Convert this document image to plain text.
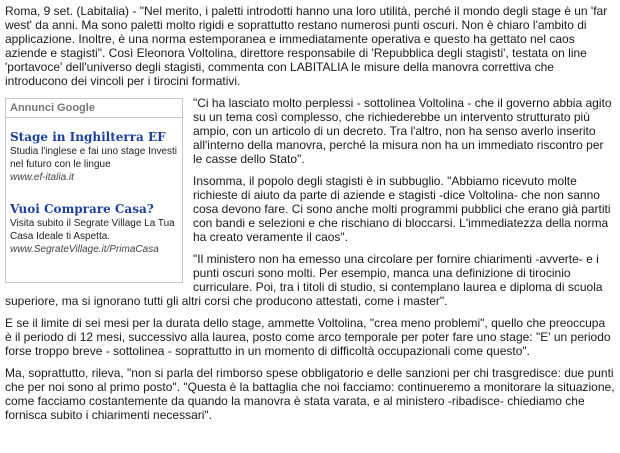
Roma, 9 set. (Labitalia) - "Nel merito, i paletti introdotti hanno una loro utilità, perché il mondo degli stage è un 'far west' da anni. Ma sono paletti molto rigidi e soprattutto restano numerosi punti oscuri. Non è chiaro l'ambito di applicazione. Inoltre, è una norma estemporanea e immediatamente operativa e questo ha gettato nel caos aziende e stagisti". Così Eleonora Voltolina, direttore responsabile di 'Repubblica degli stagisti', testata on line 'portavoce' dell'universo degli stagisti, commenta con LABITALIA le misure della manovra correttiva che introducono dei vincoli per i tirocini formativi.

Annunci Google
Stage in Inghilterra EF
Studia l'inglese e fai uno stage Investi nel futuro con le lingue
www.ef-italia.it
Vuoi Comprare Casa?
Visita subito il Segrate Village La Tua Casa Ideale ti Aspetta.
www.SegrateVillage.it/PrimaCasa

"Ci ha lasciato molto perplessi - sottolinea Voltolina - che il governo abbia agito su un tema così complesso, che richiederebbe un intervento strutturato più ampio, con un articolo di un decreto. Tra l'altro, non ha senso averlo inserito all'interno della manovra, perché la misura non ha un immediato riscontro per le casse dello Stato".

Insomma, il popolo degli stagisti è in subbuglio. "Abbiamo ricevuto molte richieste di aiuto da parte di aziende e stagisti -dice Voltolina- che non sanno cosa devono fare. Ci sono anche molti programmi pubblici che erano già partiti con bandi e selezioni e che rischiano di bloccarsi. L'immediatezza della norma ha creato veramente il caos".

"Il ministero non ha emesso una circolare per fornire chiarimenti -avverte- e i punti oscuri sono molti. Per esempio, manca una definizione di tirocinio curriculare. Poi, tra i titoli di studio, si contemplano laurea e diploma di scuola superiore, ma si ignorano tutti gli altri corsi che producono attestati, come i master".

E se il limite di sei mesi per la durata dello stage, ammette Voltolina, "crea meno problemi", quello che preoccupa è il periodo di 12 mesi, successivo alla laurea, posto come arco temporale per poter fare uno stage: "E' un periodo forse troppo breve - sottolinea - soprattutto in un momento di difficoltà occupazionali come questo".

Ma, soprattutto, rileva, "non si parla del rimborso spese obbligatorio e delle sanzioni per chi trasgredisce: due punti che per noi sono al primo posto". "Questa è la battaglia che noi facciamo: continueremo a monitorare la situazione, come facciamo costantemente da quando la manovra è stata varata, e al ministero -ribadisce- chiediamo che fornisca subito i chiarimenti necessari".
